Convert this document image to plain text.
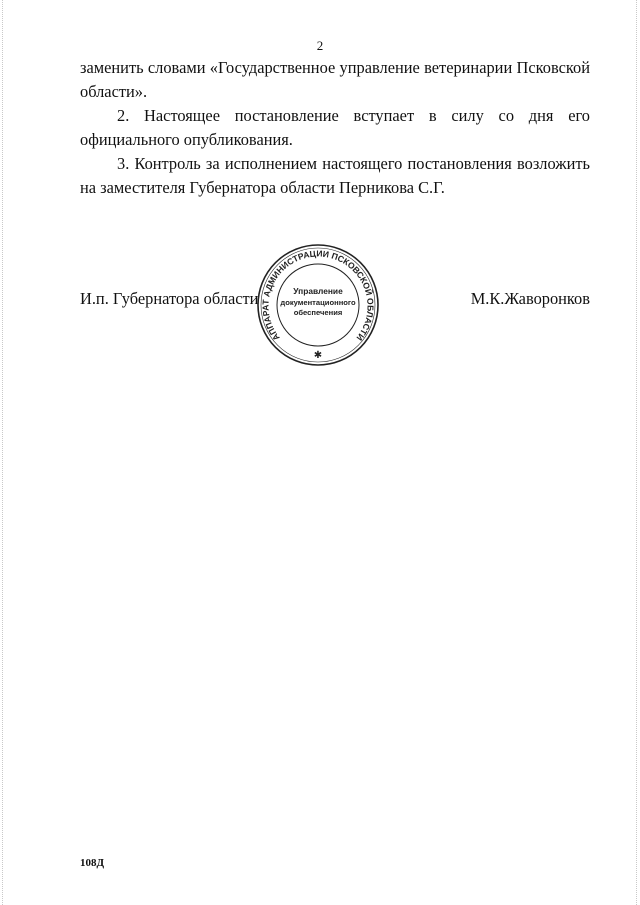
2

заменить словами «Государственное управление ветеринарии Псковской области».

2. Настоящее постановление вступает в силу со дня его официального опубликования.

3. Контроль за исполнением настоящего постановления возложить на заместителя Губернатора области Перникова С.Г.

И.п. Губернатора области
АППАРАТ АДМИНИСТРАЦИИ ПСКОВСКОЙ ОБЛАСТИ
Управление
документационного
обеспечения
✱
М.К.Жаворонков
108Д
